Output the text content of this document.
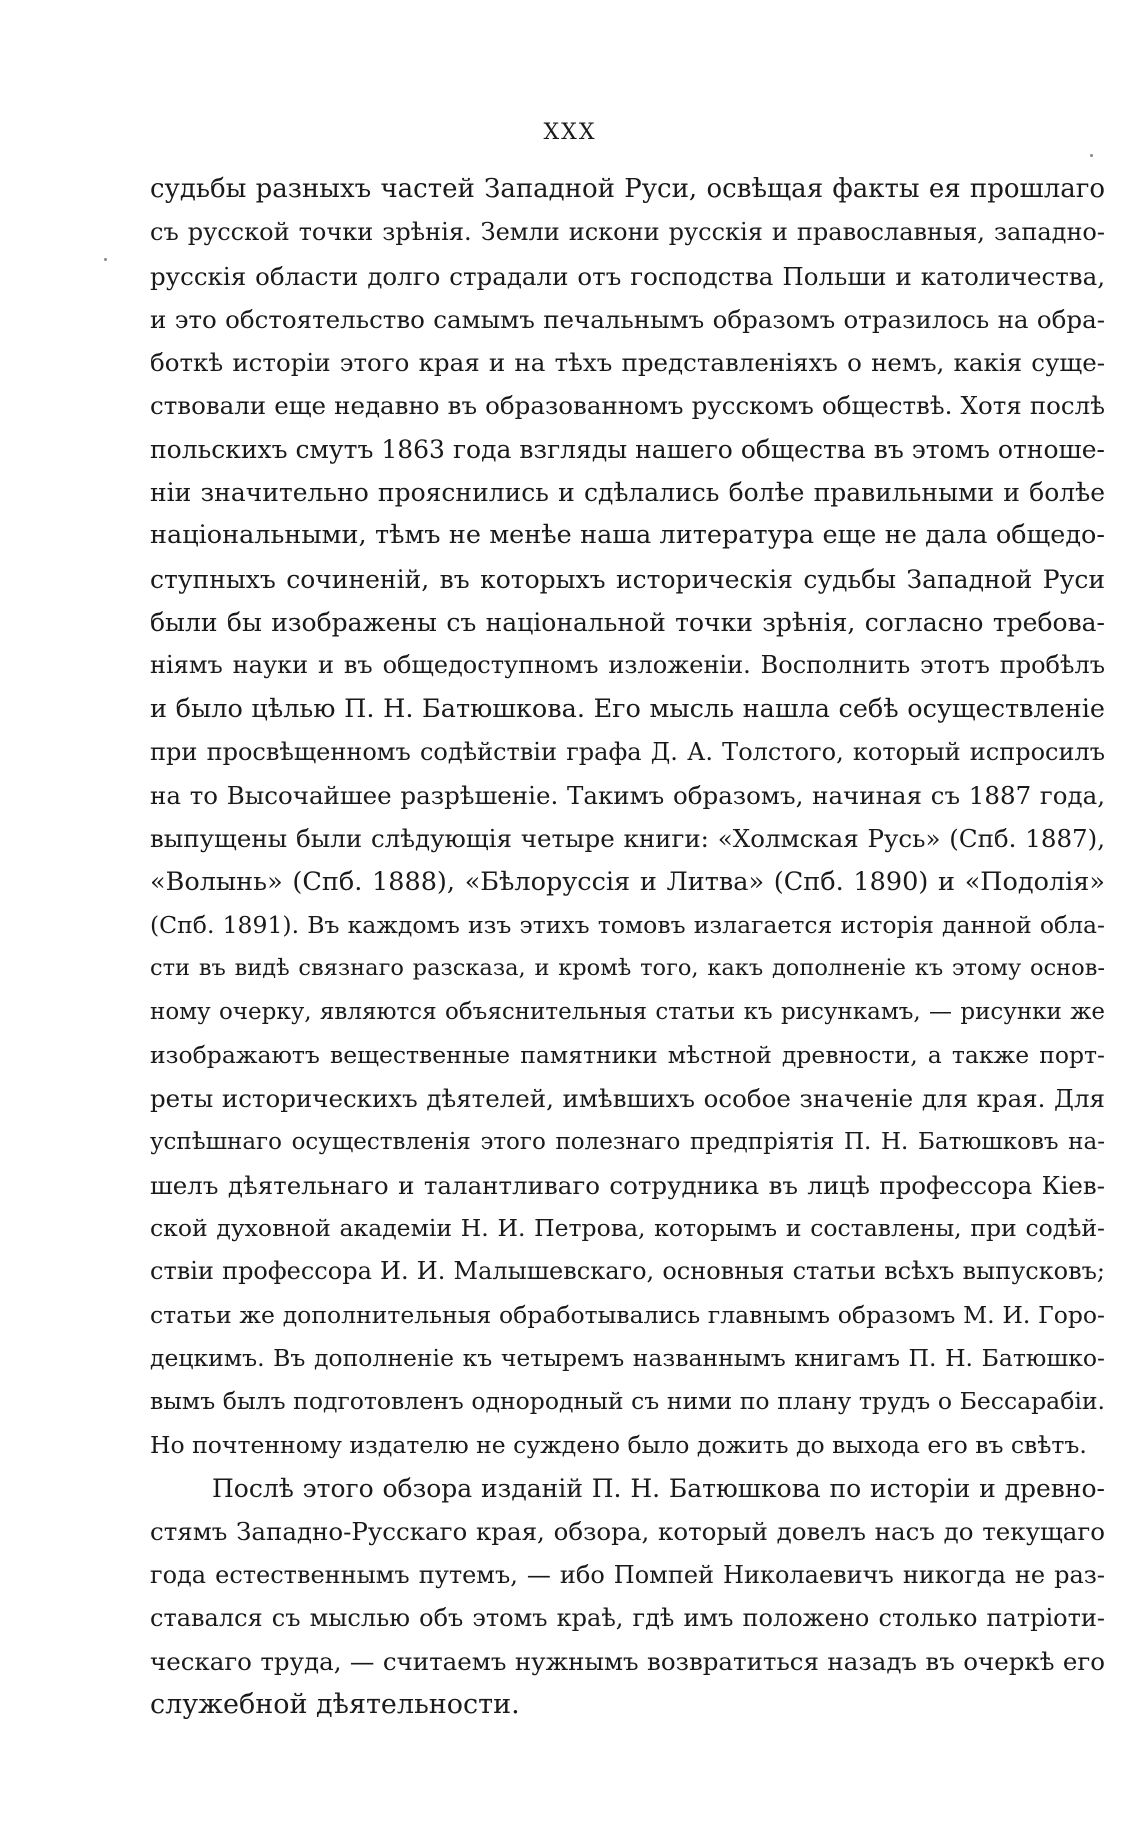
XXX
судьбы разныхъ частей Западной Руси, освѣщая факты ея прошлаго
съ русской точки зрѣнія. Земли искони русскія и православныя, западно-
русскія области долго страдали отъ господства Польши и католичества,
и это обстоятельство самымъ печальнымъ образомъ отразилось на обра-
боткѣ исторіи этого края и на тѣхъ представленіяхъ о немъ, какія суще-
ствовали еще недавно въ образованномъ русскомъ обществѣ. Хотя послѣ
польскихъ смутъ 1863 года взгляды нашего общества въ этомъ отноше-
ніи значительно прояснились и сдѣлались болѣе правильными и болѣе
національными, тѣмъ не менѣе наша литература еще не дала общедо-
ступныхъ сочиненій, въ которыхъ историческія судьбы Западной Руси
были бы изображены съ національной точки зрѣнія, согласно требова-
ніямъ науки и въ общедоступномъ изложеніи. Восполнить этотъ пробѣлъ
и было цѣлью П. Н. Батюшкова. Его мысль нашла себѣ осуществленіе
при просвѣщенномъ содѣйствіи графа Д. А. Толстого, который испросилъ
на то Высочайшее разрѣшеніе. Такимъ образомъ, начиная съ 1887 года,
выпущены были слѣдующія четыре книги: «Холмская Русь» (Спб. 1887),
«Волынь» (Спб. 1888), «Бѣлоруссія и Литва» (Спб. 1890) и «Подолія»
(Спб. 1891). Въ каждомъ изъ этихъ томовъ излагается исторія данной обла-
сти въ видѣ связнаго разсказа, и кромѣ того, какъ дополненіе къ этому основ-
ному очерку, являются объяснительныя статьи къ рисункамъ, — рисунки же
изображаютъ вещественные памятники мѣстной древности, а также порт-
реты историческихъ дѣятелей, имѣвшихъ особое значеніе для края. Для
успѣшнаго осуществленія этого полезнаго предпріятія П. Н. Батюшковъ на-
шелъ дѣятельнаго и талантливаго сотрудника въ лицѣ профессора Кіев-
ской духовной академіи Н. И. Петрова, которымъ и составлены, при содѣй-
ствіи профессора И. И. Малышевскаго, основныя статьи всѣхъ выпусковъ;
статьи же дополнительныя обработывались главнымъ образомъ М. И. Горо-
децкимъ. Въ дополненіе къ четыремъ названнымъ книгамъ П. Н. Батюшко-
вымъ былъ подготовленъ однородный съ ними по плану трудъ о Бессарабіи.
Но почтенному издателю не суждено было дожить до выхода его въ свѣтъ.
Послѣ этого обзора изданій П. Н. Батюшкова по исторіи и древно-
стямъ Западно-Русскаго края, обзора, который довелъ насъ до текущаго
года естественнымъ путемъ, — ибо Помпей Николаевичъ никогда не раз-
ставался съ мыслью объ этомъ краѣ, гдѣ имъ положено столько патріоти-
ческаго труда, — считаемъ нужнымъ возвратиться назадъ въ очеркѣ его
служебной дѣятельности.
